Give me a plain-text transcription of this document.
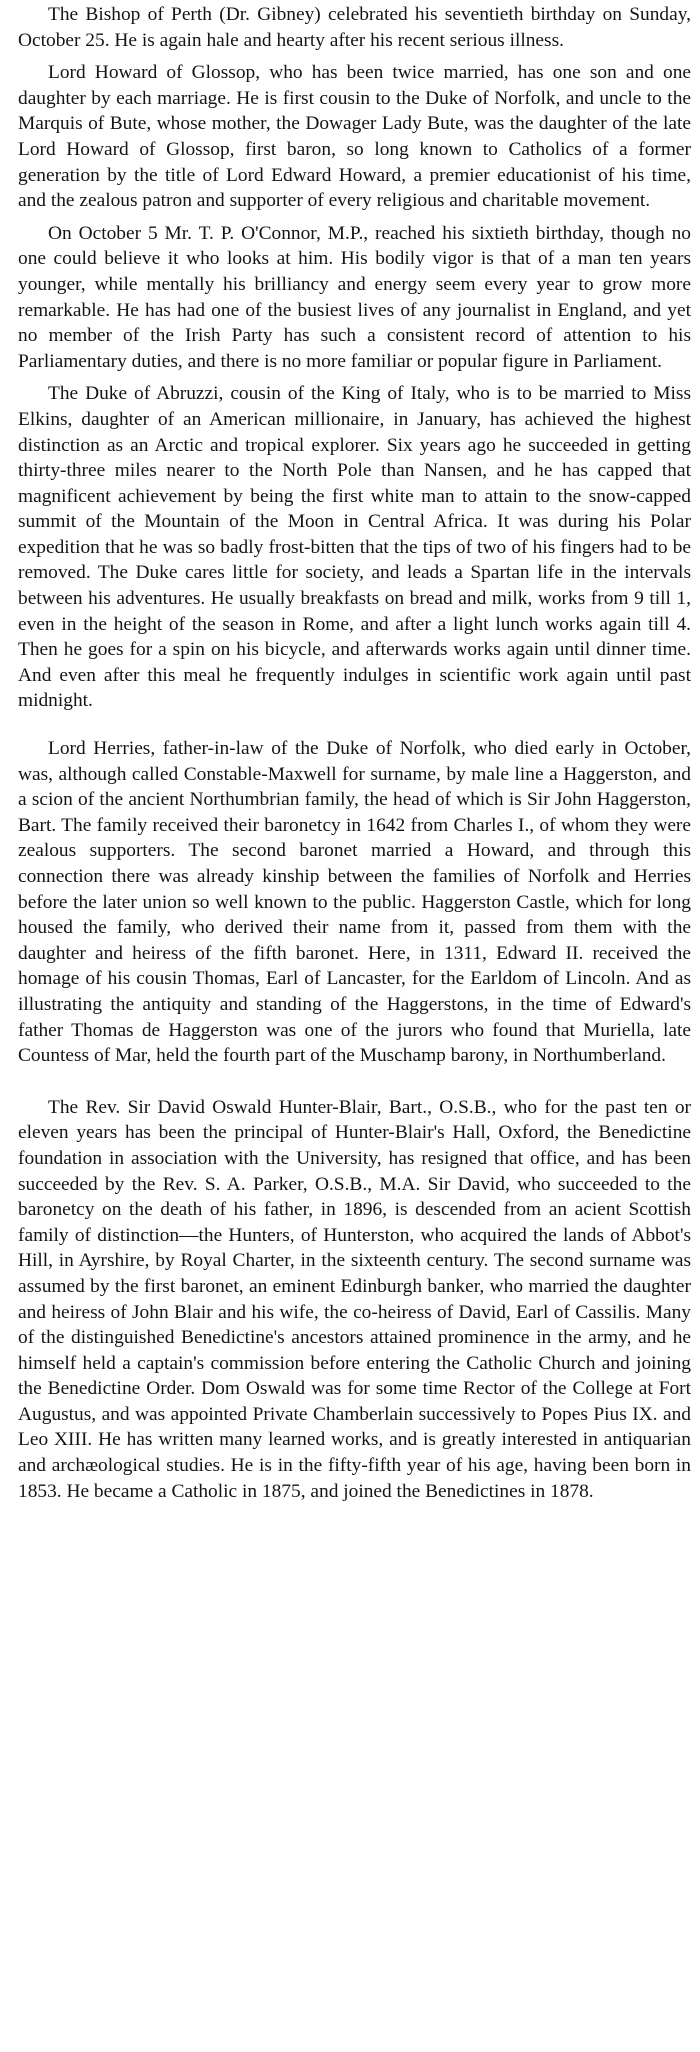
The Bishop of Perth (Dr. Gibney) celebrated his seventieth birthday on Sunday, October 25. He is again hale and hearty after his recent serious illness.

Lord Howard of Glossop, who has been twice married, has one son and one daughter by each marriage. He is first cousin to the Duke of Norfolk, and uncle to the Marquis of Bute, whose mother, the Dowager Lady Bute, was the daughter of the late Lord Howard of Glossop, first baron, so long known to Catholics of a former generation by the title of Lord Edward Howard, a premier educationist of his time, and the zealous patron and supporter of every religious and charitable movement.

On October 5 Mr. T. P. O'Connor, M.P., reached his sixtieth birthday, though no one could believe it who looks at him. His bodily vigor is that of a man ten years younger, while mentally his brilliancy and energy seem every year to grow more remarkable. He has had one of the busiest lives of any journalist in England, and yet no member of the Irish Party has such a consistent record of attention to his Parliamentary duties, and there is no more familiar or popular figure in Parliament.

The Duke of Abruzzi, cousin of the King of Italy, who is to be married to Miss Elkins, daughter of an American millionaire, in January, has achieved the highest distinction as an Arctic and tropical explorer. Six years ago he succeeded in getting thirty-three miles nearer to the North Pole than Nansen, and he has capped that magnificent achievement by being the first white man to attain to the snow-capped summit of the Mountain of the Moon in Central Africa. It was during his Polar expedition that he was so badly frost-bitten that the tips of two of his fingers had to be removed. The Duke cares little for society, and leads a Spartan life in the intervals between his adventures. He usually breakfasts on bread and milk, works from 9 till 1, even in the height of the season in Rome, and after a light lunch works again till 4. Then he goes for a spin on his bicycle, and afterwards works again until dinner time. And even after this meal he frequently indulges in scientific work again until past midnight.

Lord Herries, father-in-law of the Duke of Norfolk, who died early in October, was, although called Constable-Maxwell for surname, by male line a Haggerston, and a scion of the ancient Northumbrian family, the head of which is Sir John Haggerston, Bart. The family received their baronetcy in 1642 from Charles I., of whom they were zealous supporters. The second baronet married a Howard, and through this connection there was already kinship between the families of Norfolk and Herries before the later union so well known to the public. Haggerston Castle, which for long housed the family, who derived their name from it, passed from them with the daughter and heiress of the fifth baronet. Here, in 1311, Edward II. received the homage of his cousin Thomas, Earl of Lancaster, for the Earldom of Lincoln. And as illustrating the antiquity and standing of the Haggerstons, in the time of Edward's father Thomas de Haggerston was one of the jurors who found that Muriella, late Countess of Mar, held the fourth part of the Muschamp barony, in Northumberland.

The Rev. Sir David Oswald Hunter-Blair, Bart., O.S.B., who for the past ten or eleven years has been the principal of Hunter-Blair's Hall, Oxford, the Benedictine foundation in association with the University, has resigned that office, and has been succeeded by the Rev. S. A. Parker, O.S.B., M.A. Sir David, who succeeded to the baronetcy on the death of his father, in 1896, is descended from an acient Scottish family of distinction—the Hunters, of Hunterston, who acquired the lands of Abbot's Hill, in Ayrshire, by Royal Charter, in the sixteenth century. The second surname was assumed by the first baronet, an eminent Edinburgh banker, who married the daughter and heiress of John Blair and his wife, the co-heiress of David, Earl of Cassilis. Many of the distinguished Benedictine's ancestors attained prominence in the army, and he himself held a captain's commission before entering the Catholic Church and joining the Benedictine Order. Dom Oswald was for some time Rector of the College at Fort Augustus, and was appointed Private Chamberlain successively to Popes Pius IX. and Leo XIII. He has written many learned works, and is greatly interested in antiquarian and archæological studies. He is in the fifty-fifth year of his age, having been born in 1853. He became a Catholic in 1875, and joined the Benedictines in 1878.
